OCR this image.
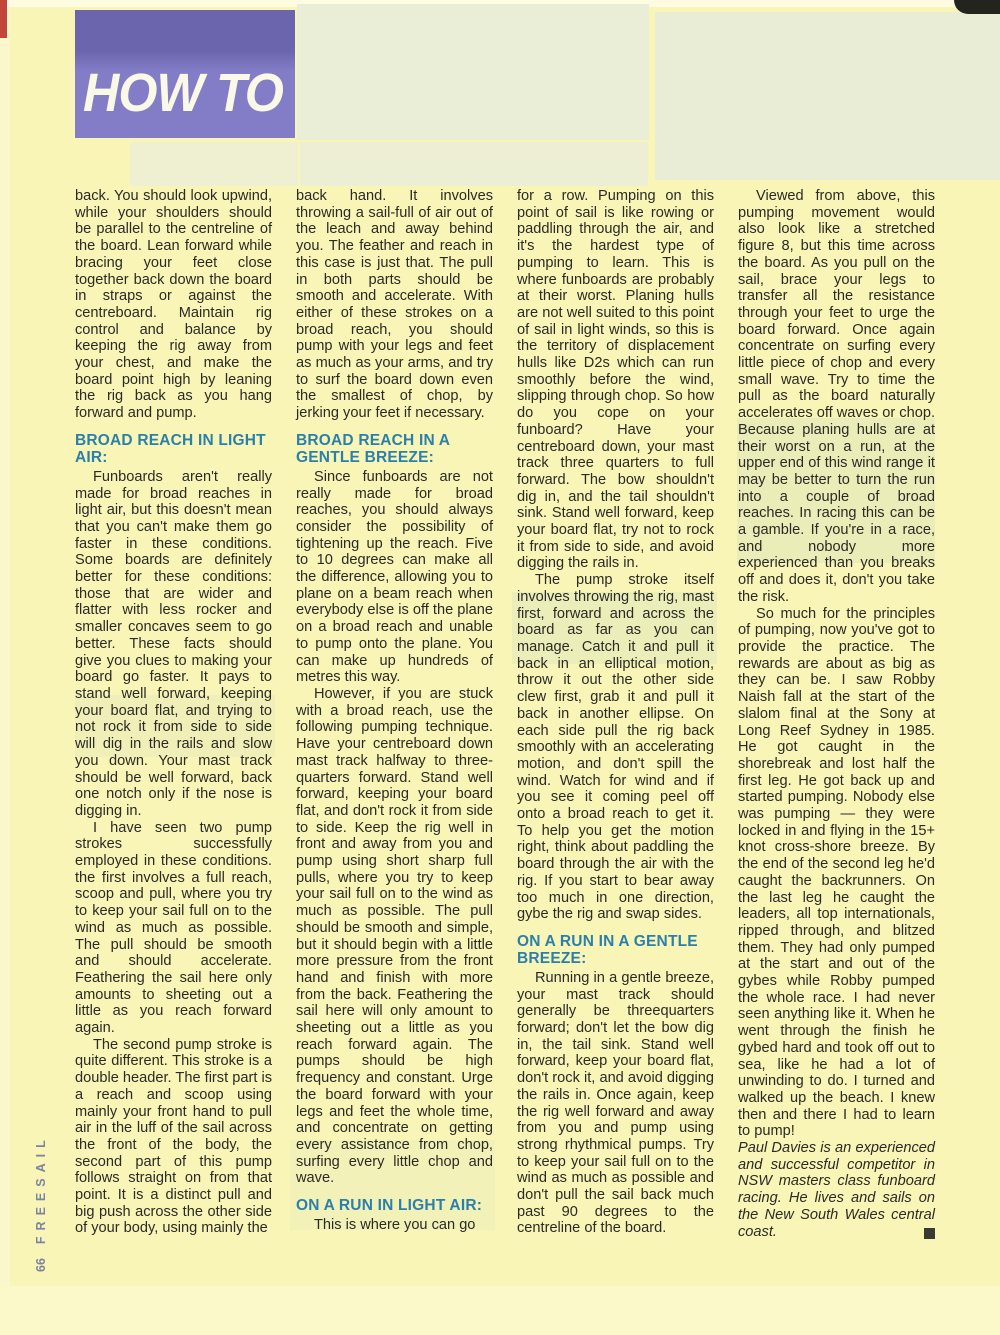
HOW TO

back. You should look upwind, while your shoulders should be parallel to the centreline of the board. Lean forward while bracing your feet close together back down the board in straps or against the centreboard. Maintain rig control and balance by keeping the rig away from your chest, and make the board point high by leaning the rig back as you hang forward and pump.

BROAD REACH IN LIGHT AIR:

Funboards aren't really made for broad reaches in light air, but this doesn't mean that you can't make them go faster in these conditions. Some boards are definitely better for these conditions: those that are wider and flatter with less rocker and smaller concaves seem to go better. These facts should give you clues to making your board go faster. It pays to stand well forward, keeping your board flat, and trying to not rock it from side to side will dig in the rails and slow you down. Your mast track should be well forward, back one notch only if the nose is digging in.

I have seen two pump strokes successfully employed in these conditions. the first involves a full reach, scoop and pull, where you try to keep your sail full on to the wind as much as possible. The pull should be smooth and should accelerate. Feathering the sail here only amounts to sheeting out a little as you reach forward again.

The second pump stroke is quite different. This stroke is a double header. The first part is a reach and scoop using mainly your front hand to pull air in the luff of the sail across the front of the body, the second part of this pump follows straight on from that point. It is a distinct pull and big push across the other side of your body, using mainly the

back hand. It involves throwing a sail-full of air out of the leach and away behind you. The feather and reach in this case is just that. The pull in both parts should be smooth and accelerate. With either of these strokes on a broad reach, you should pump with your legs and feet as much as your arms, and try to surf the board down even the smallest of chop, by jerking your feet if necessary.

BROAD REACH IN A GENTLE BREEZE:

Since funboards are not really made for broad reaches, you should always consider the possibility of tightening up the reach. Five to 10 degrees can make all the difference, allowing you to plane on a beam reach when everybody else is off the plane on a broad reach and unable to pump onto the plane. You can make up hundreds of metres this way.

However, if you are stuck with a broad reach, use the following pumping technique. Have your centreboard down mast track halfway to three-quarters forward. Stand well forward, keeping your board flat, and don't rock it from side to side. Keep the rig well in front and away from you and pump using short sharp full pulls, where you try to keep your sail full on to the wind as much as possible. The pull should be smooth and simple, but it should begin with a little more pressure from the front hand and finish with more from the back. Feathering the sail here will only amount to sheeting out a little as you reach forward again. The pumps should be high frequency and constant. Urge the board forward with your legs and feet the whole time, and concentrate on getting every assistance from chop, surfing every little chop and wave.

ON A RUN IN LIGHT AIR:

This is where you can go

for a row. Pumping on this point of sail is like rowing or paddling through the air, and it's the hardest type of pumping to learn. This is where funboards are probably at their worst. Planing hulls are not well suited to this point of sail in light winds, so this is the territory of displacement hulls like D2s which can run smoothly before the wind, slipping through chop. So how do you cope on your funboard? Have your centreboard down, your mast track three quarters to full forward. The bow shouldn't dig in, and the tail shouldn't sink. Stand well forward, keep your board flat, try not to rock it from side to side, and avoid digging the rails in.

The pump stroke itself involves throwing the rig, mast first, forward and across the board as far as you can manage. Catch it and pull it back in an elliptical motion, throw it out the other side clew first, grab it and pull it back in another ellipse. On each side pull the rig back smoothly with an accelerating motion, and don't spill the wind. Watch for wind and if you see it coming peel off onto a broad reach to get it. To help you get the motion right, think about paddling the board through the air with the rig. If you start to bear away too much in one direction, gybe the rig and swap sides.

ON A RUN IN A GENTLE BREEZE:

Running in a gentle breeze, your mast track should generally be threequarters forward; don't let the bow dig in, the tail sink. Stand well forward, keep your board flat, don't rock it, and avoid digging the rails in. Once again, keep the rig well forward and away from you and pump using strong rhythmical pumps. Try to keep your sail full on to the wind as much as possible and don't pull the sail back much past 90 degrees to the centreline of the board.

Viewed from above, this pumping movement would also look like a stretched figure 8, but this time across the board. As you pull on the sail, brace your legs to transfer all the resistance through your feet to urge the board forward. Once again concentrate on surfing every little piece of chop and every small wave. Try to time the pull as the board naturally accelerates off waves or chop. Because planing hulls are at their worst on a run, at the upper end of this wind range it may be better to turn the run into a couple of broad reaches. In racing this can be a gamble. If you're in a race, and nobody more experienced than you breaks off and does it, don't you take the risk.

So much for the principles of pumping, now you've got to provide the practice. The rewards are about as big as they can be. I saw Robby Naish fall at the start of the slalom final at the Sony at Long Reef Sydney in 1985. He got caught in the shorebreak and lost half the first leg. He got back up and started pumping. Nobody else was pumping — they were locked in and flying in the 15+ knot cross-shore breeze. By the end of the second leg he'd caught the backrunners. On the last leg he caught the leaders, all top internationals, ripped through, and blitzed them. They had only pumped at the start and out of the gybes while Robby pumped the whole race. I had never seen anything like it. When he went through the finish he gybed hard and took off out to sea, like he had a lot of unwinding to do. I turned and walked up the beach. I knew then and there I had to learn to pump!

Paul Davies is an experienced and successful competitor in NSW masters class funboard racing. He lives and sails on the New South Wales central coast.

66FREESAIL
